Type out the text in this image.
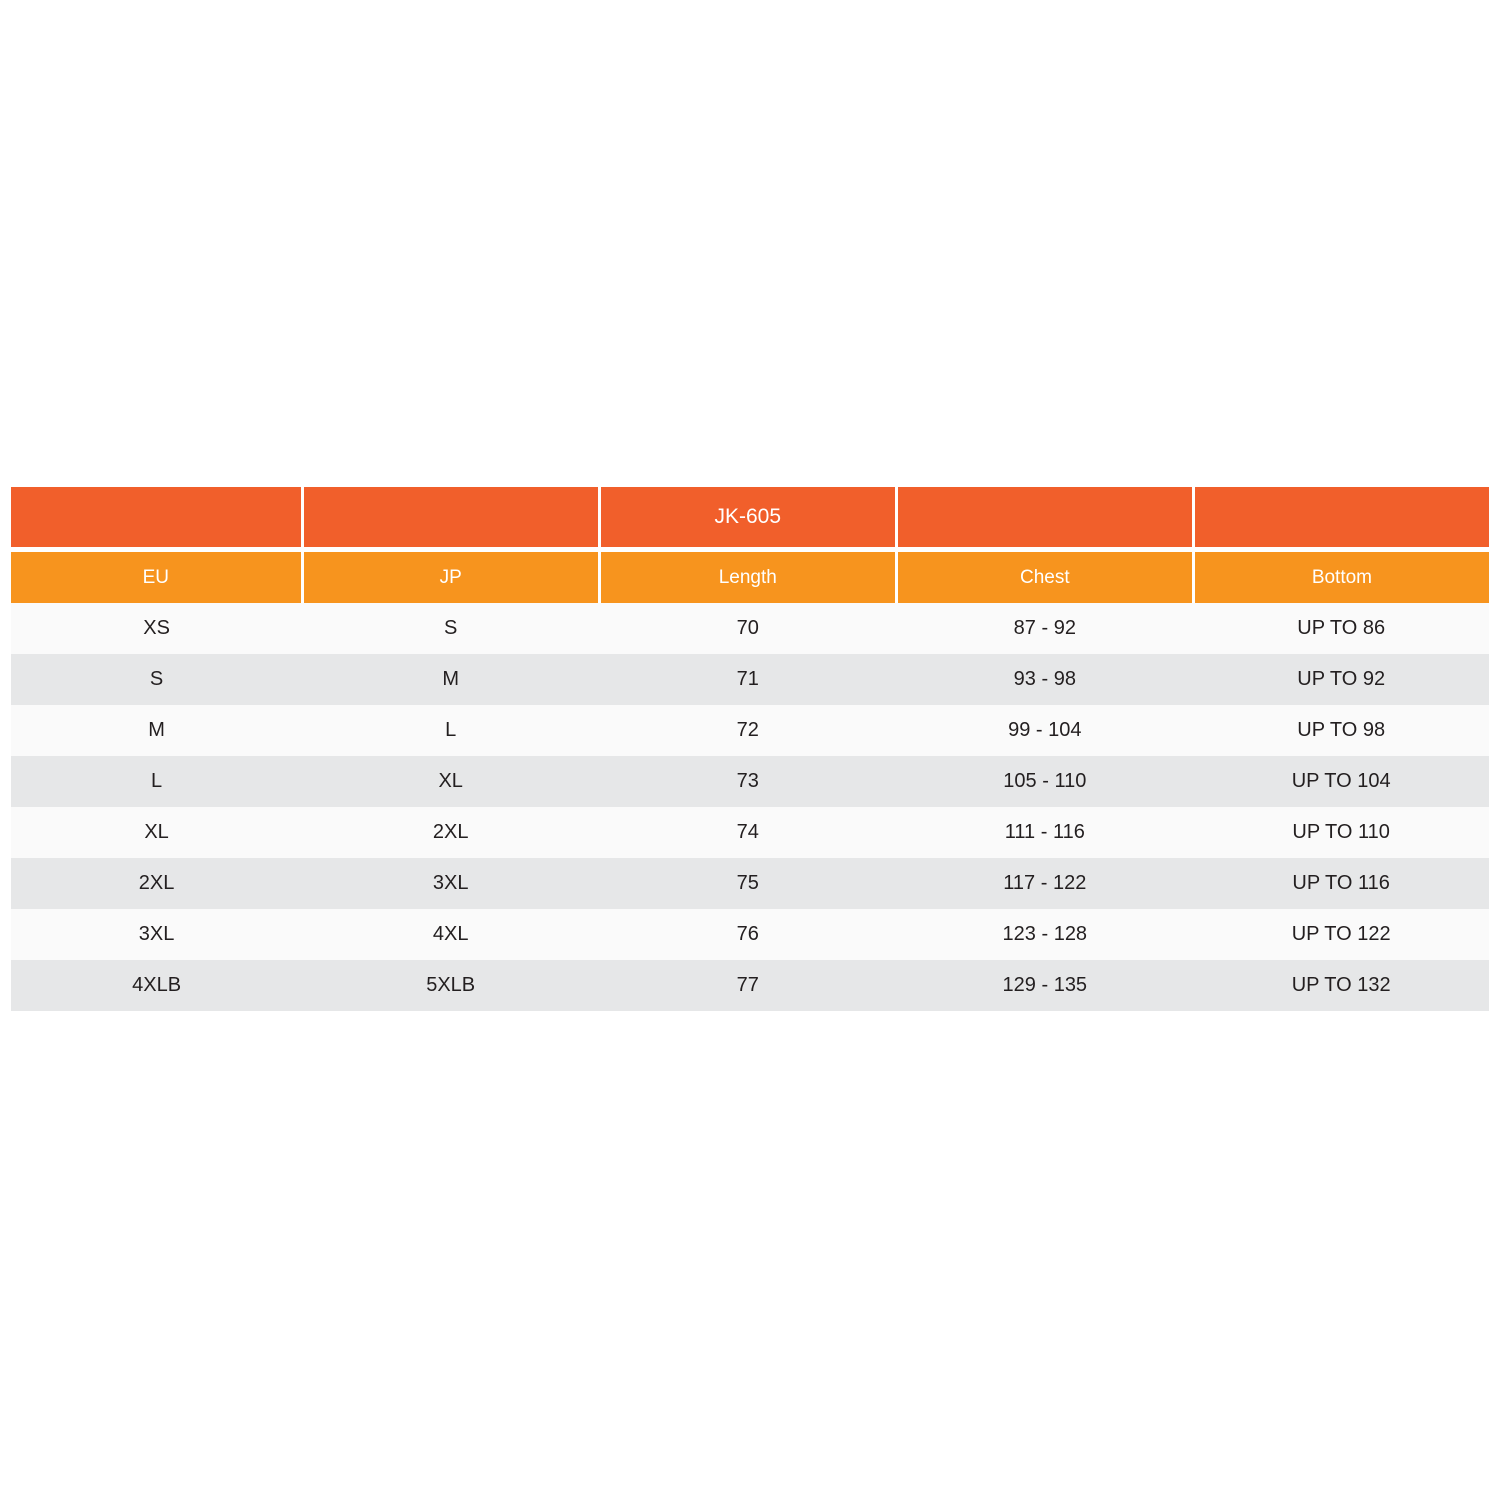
		JK-605		

EU	JP	Length	Chest	Bottom
XS	S	70	87 - 92	UP TO 86
S	M	71	93 - 98	UP TO 92
M	L	72	99 - 104	UP TO 98
L	XL	73	105 - 110	UP TO 104
XL	2XL	74	111 - 116	UP TO 110
2XL	3XL	75	117 - 122	UP TO 116
3XL	4XL	76	123 - 128	UP TO 122
4XLB	5XLB	77	129 - 135	UP TO 132
